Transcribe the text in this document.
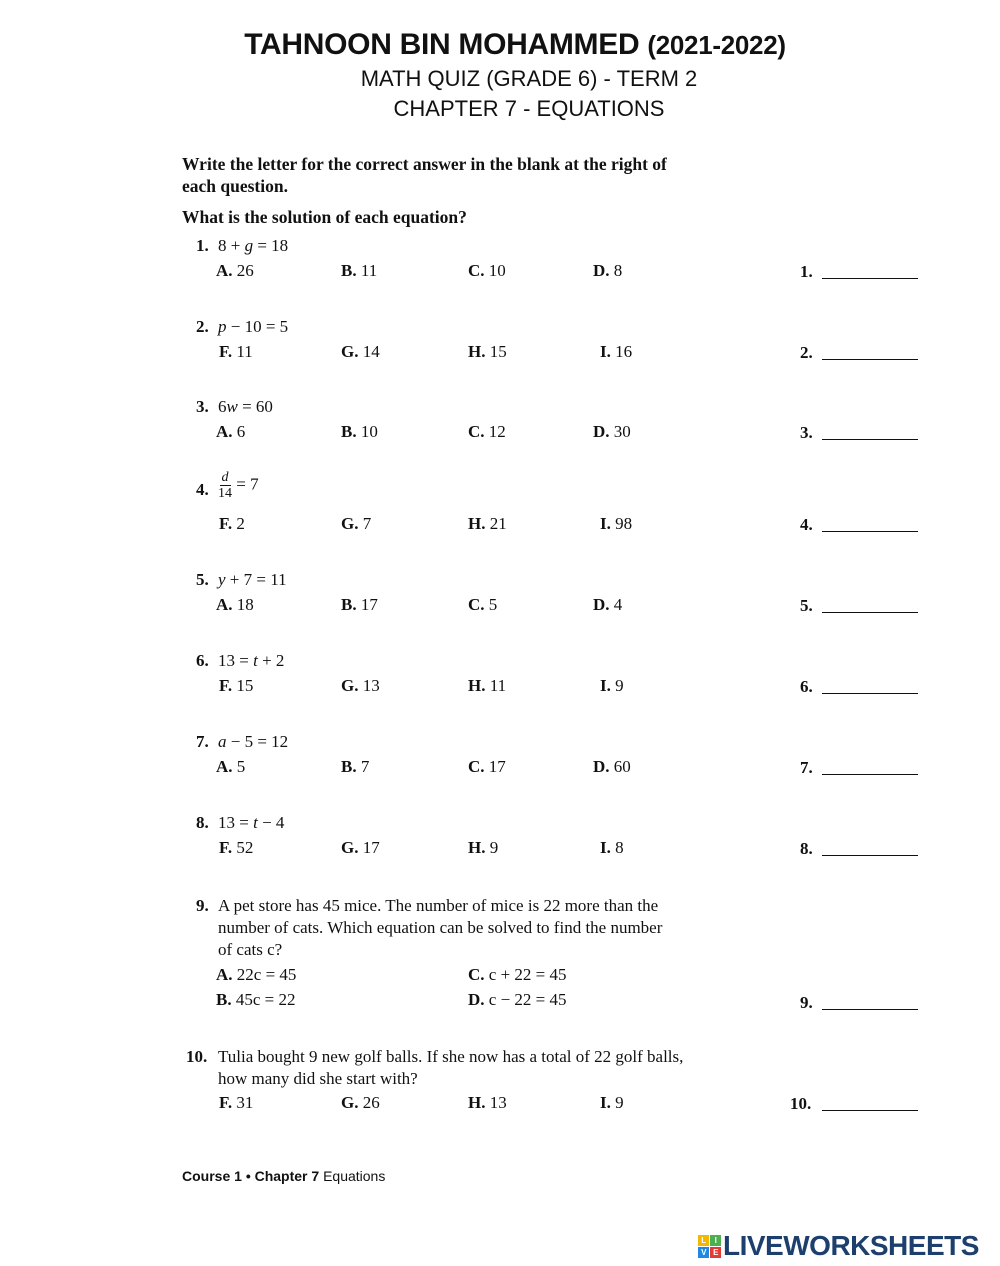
TAHNOON BIN MOHAMMED (2021-2022)
MATH QUIZ (GRADE 6) - TERM 2
CHAPTER 7 - EQUATIONS
Write the letter for the correct answer in the blank at the right of
each question.
What is the solution of each equation?
1. 8 + g = 18
A. 26	B. 11	C. 10	D. 8	1.
2. p − 10 = 5
F. 11	G. 14	H. 15	I. 16	2.
3. 6w = 60
A. 6	B. 10	C. 12	D. 30	3.
4. $\frac{d}{14} = 7$
F. 2	G. 7	H. 21	I. 98	4.
5. y + 7 = 11
A. 18	B. 17	C. 5	D. 4	5.
6. 13 = t + 2
F. 15	G. 13	H. 11	I. 9	6.
7. a − 5 = 12
A. 5	B. 7	C. 17	D. 60	7.
8. 13 = t − 4
F. 52	G. 17	H. 9	I. 8	8.
9. A pet store has 45 mice. The number of mice is 22 more than the
number of cats. Which equation can be solved to find the number
of cats c?
A. 22c = 45	C. c + 22 = 45
B. 45c = 22	D. c − 22 = 45	9.
10. Tulia bought 9 new golf balls. If she now has a total of 22 golf balls,
how many did she start with?
F. 31	G. 26	H. 13	I. 9	10.
Course 1 • Chapter 7 Equations
L	I
V E LIVEWORKSHEETS
